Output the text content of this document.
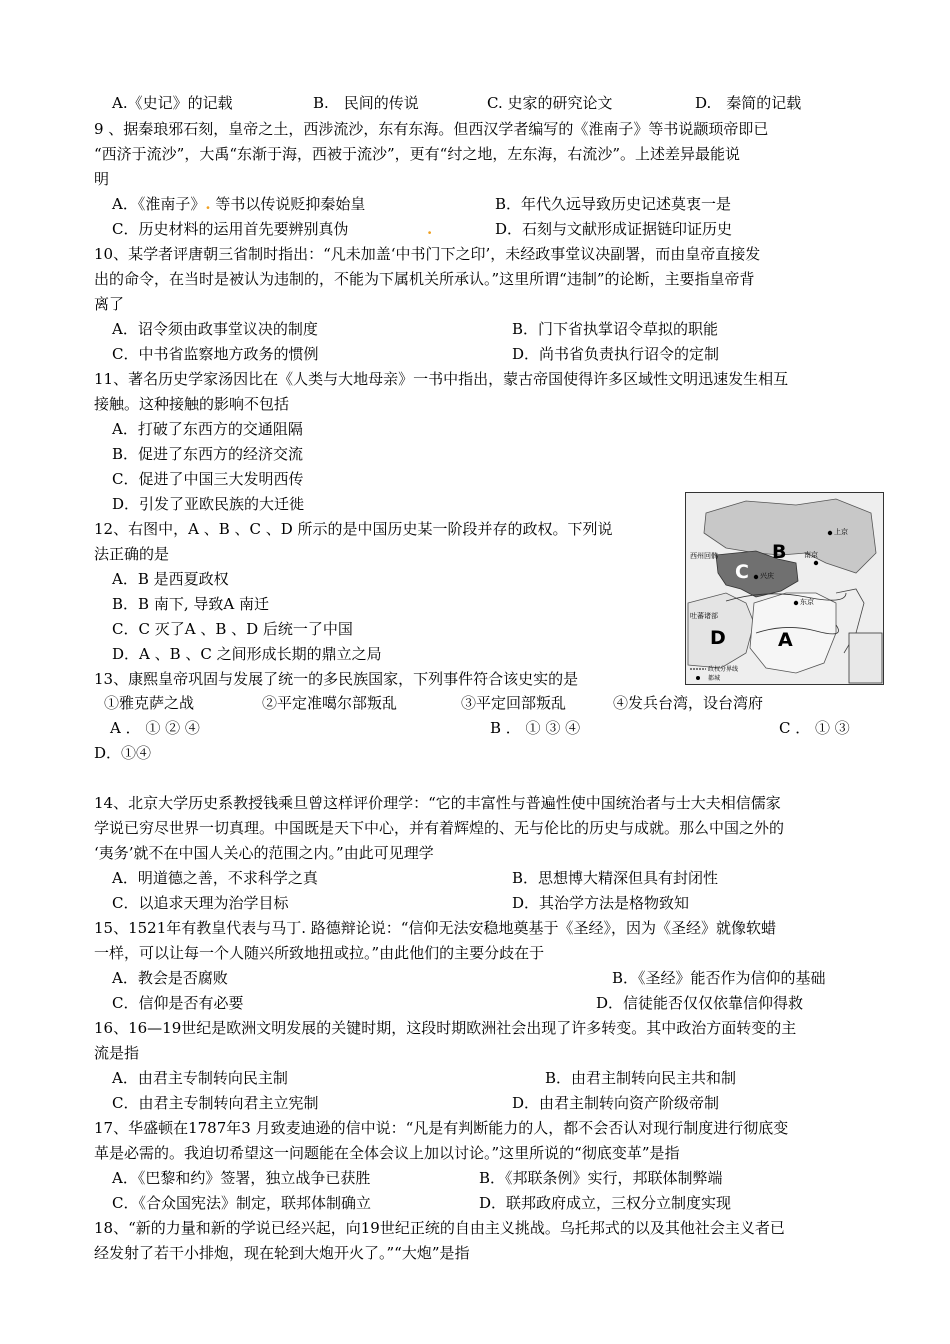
A.《史记》的记载	B.　民间的传说	C. 史家的研究论文	D.　秦简的记载
9 、据秦琅邪石刻，皇帝之土，西涉流沙，东有东海。但西汉学者编写的《淮南子》等书说颛顼帝即已
“西济于流沙”，大禹“东渐于海，西被于流沙”，更有“纣之地，左东海，右流沙”。上述差异最能说
明
A．《淮南子》. 等书以传说贬抑秦始皇	B．年代久远导致历史记述莫衷一是
C．历史材料的运用首先要辨别真伪	.	D．石刻与文献形成证据链印证历史
10、某学者评唐朝三省制时指出：“凡未加盖‘中书门下之印’，未经政事堂议决副署，而由皇帝直接发
出的命令，在当时是被认为违制的，不能为下属机关所承认。”这里所谓“违制”的论断，主要指皇帝背
离了
A．诏令须由政事堂议决的制度	B．门下省执掌诏令草拟的职能
C．中书省监察地方政务的惯例	D．尚书省负责执行诏令的定制
11、著名历史学家汤因比在《人类与大地母亲》一书中指出，蒙古帝国使得许多区域性文明迅速发生相互
接触。这种接触的影响不包括
A．打破了东西方的交通阻隔
B．促进了东西方的经济交流
C．促进了中国三大发明西传
D．引发了亚欧民族的大迁徙
12、右图中，A 、B 、C 、D 所示的是中国历史某一阶段并存的政权。下列说
法正确的是
A．B 是西夏政权
B．B 南下, 导致A 南迁
C．C 灭了A 、B 、D 后统一了中国
D．A 、B 、C 之间形成长期的鼎立之局
B
C
D	A
西州回鹘
吐蕃诸部
上京
南京
兴庆
东京
政权分界线
都城
13、康熙皇帝巩固与发展了统一的多民族国家，下列事件符合该史实的是
①雅克萨之战	②平定准噶尔部叛乱	③平定回部叛乱	④发兵台湾，设台湾府
A ． ① ② ④	B ． ① ③ ④	C ． ① ③
D．①④
14、北京大学历史系教授钱乘旦曾这样评价理学：“它的丰富性与普遍性使中国统治者与士大夫相信儒家
学说已穷尽世界一切真理。中国既是天下中心，并有着辉煌的、无与伦比的历史与成就。那么中国之外的
‘夷务’就不在中国人关心的范围之内。”由此可见理学
A．明道德之善，不求科学之真	B．思想博大精深但具有封闭性
C．以追求天理为治学目标	D．其治学方法是格物致知
15、1521年有教皇代表与马丁. 路德辩论说：“信仰无法安稳地奠基于《圣经》，因为《圣经》就像软蜡
一样，可以让每一个人随兴所致地扭或拉。”由此他们的主要分歧在于
A．教会是否腐败	B．《圣经》能否作为信仰的基础
C．信仰是否有必要	D．信徒能否仅仅依靠信仰得救
16、16—19世纪是欧洲文明发展的关键时期，这段时期欧洲社会出现了许多转变。其中政治方面转变的主
流是指
A．由君主专制转向民主制	B．由君主制转向民主共和制
C．由君主专制转向君主立宪制	D．由君主制转向资产阶级帝制
17、华盛顿在1787年3 月致麦迪逊的信中说：“凡是有判断能力的人，都不会否认对现行制度进行彻底变
革是必需的。我迫切希望这一问题能在全体会议上加以讨论。”这里所说的“彻底变革”是指
A．《巴黎和约》签署，独立战争已获胜	B．《邦联条例》实行，邦联体制弊端
C．《合众国宪法》制定，联邦体制确立	D．联邦政府成立，三权分立制度实现
18、“新的力量和新的学说已经兴起，向19世纪正统的自由主义挑战。乌托邦式的以及其他社会主义者已
经发射了若干小排炮，现在轮到大炮开火了。”“大炮”是指
